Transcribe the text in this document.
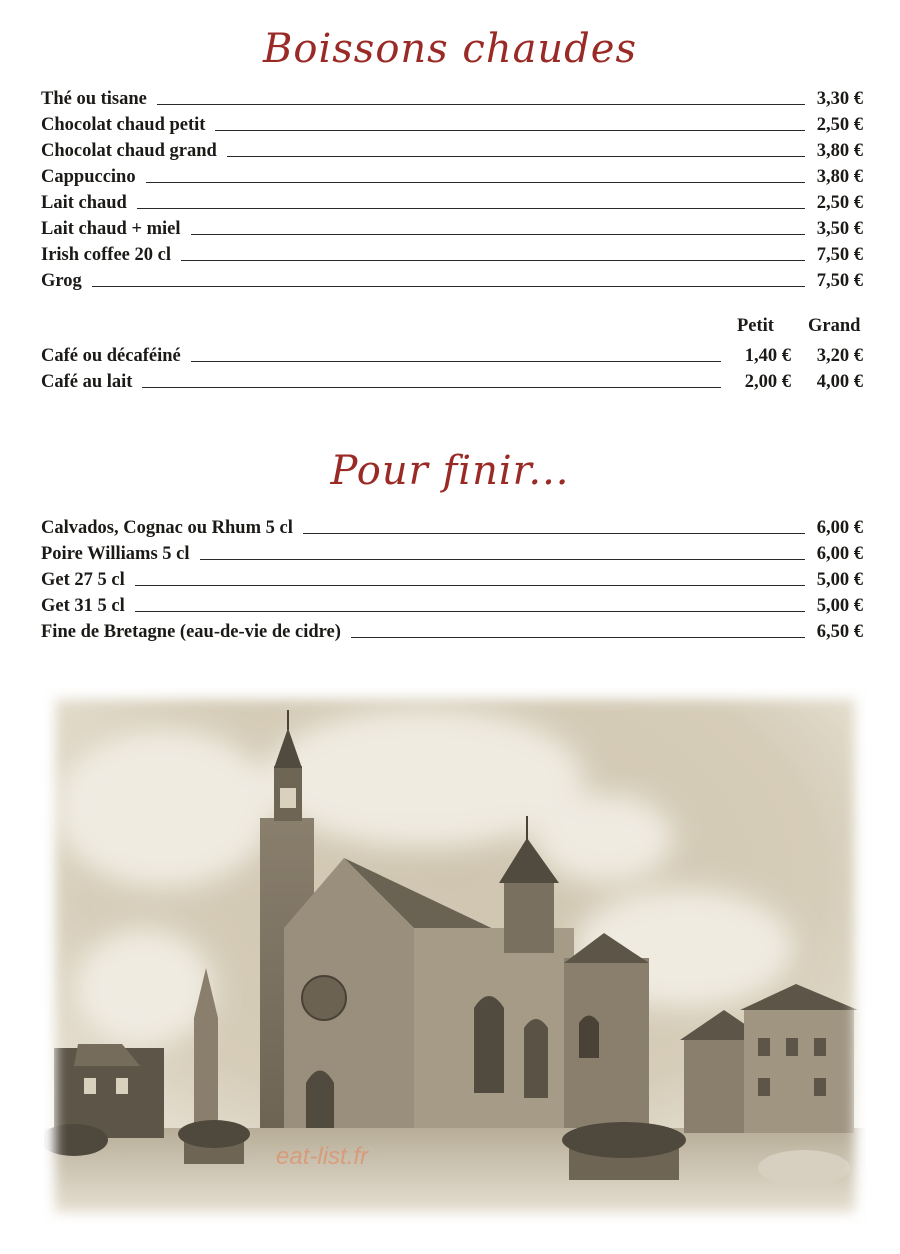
Boissons chaudes
Thé ou tisane	3,30 €
Chocolat chaud petit	2,50 €
Chocolat chaud grand	3,80 €
Cappuccino	3,80 €
Lait chaud	2,50 €
Lait chaud + miel	3,50 €
Irish coffee 20 cl	7,50 €
Grog	7,50 €
Petit Grand
Café ou décaféiné	1,40 €	3,20 €
Café au lait	2,00 €	4,00 €
Pour finir...
Calvados, Cognac ou Rhum 5 cl	6,00 €
Poire Williams 5 cl	6,00 €
Get 27 5 cl	5,00 €
Get 31 5 cl	5,00 €
Fine de Bretagne (eau-de-vie de cidre)	6,50 €
eat-list.fr
